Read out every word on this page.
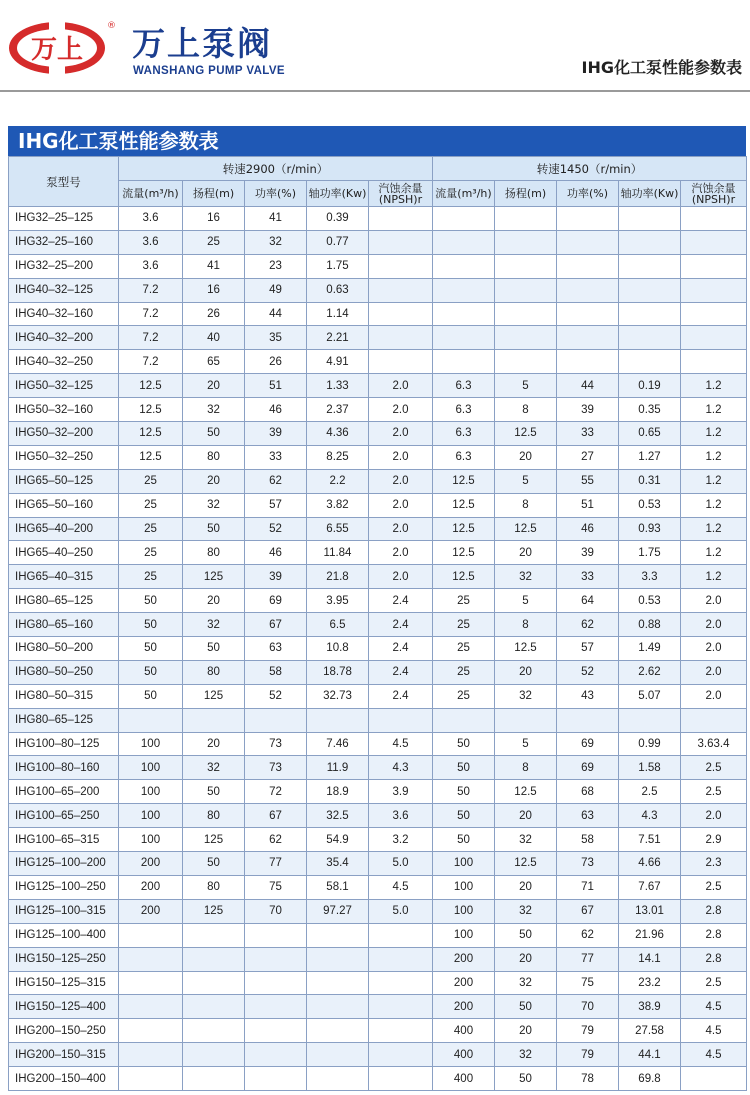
万上
® 万上泵阀
WANSHANG PUMP VALVE	IHG化工泵性能参数表
IHG化工泵性能参数表
泵型号	转速2900（r/min）					转速1450（r/min）				
	流量(m³/h)	扬程(m)	功率(%)	轴功率(Kw)	汽蚀余量(NPSH)r	流量(m³/h)	扬程(m)	功率(%)	轴功率(Kw)	汽蚀余量(NPSH)r
IHG32–25–125	3.6	16	41	0.39						
IHG32–25–160	3.6	25	32	0.77						
IHG32–25–200	3.6	41	23	1.75						
IHG40–32–125	7.2	16	49	0.63						
IHG40–32–160	7.2	26	44	1.14						
IHG40–32–200	7.2	40	35	2.21						
IHG40–32–250	7.2	65	26	4.91						
IHG50–32–125	12.5	20	51	1.33	2.0	6.3	5	44	0.19	1.2
IHG50–32–160	12.5	32	46	2.37	2.0	6.3	8	39	0.35	1.2
IHG50–32–200	12.5	50	39	4.36	2.0	6.3	12.5	33	0.65	1.2
IHG50–32–250	12.5	80	33	8.25	2.0	6.3	20	27	1.27	1.2
IHG65–50–125	25	20	62	2.2	2.0	12.5	5	55	0.31	1.2
IHG65–50–160	25	32	57	3.82	2.0	12.5	8	51	0.53	1.2
IHG65–40–200	25	50	52	6.55	2.0	12.5	12.5	46	0.93	1.2
IHG65–40–250	25	80	46	11.84	2.0	12.5	20	39	1.75	1.2
IHG65–40–315	25	125	39	21.8	2.0	12.5	32	33	3.3	1.2
IHG80–65–125	50	20	69	3.95	2.4	25	5	64	0.53	2.0
IHG80–65–160	50	32	67	6.5	2.4	25	8	62	0.88	2.0
IHG80–50–200	50	50	63	10.8	2.4	25	12.5	57	1.49	2.0
IHG80–50–250	50	80	58	18.78	2.4	25	20	52	2.62	2.0
IHG80–50–315	50	125	52	32.73	2.4	25	32	43	5.07	2.0
IHG80–65–125										
IHG100–80–125	100	20	73	7.46	4.5	50	5	69	0.99	3.63.4
IHG100–80–160	100	32	73	11.9	4.3	50	8	69	1.58	2.5
IHG100–65–200	100	50	72	18.9	3.9	50	12.5	68	2.5	2.5
IHG100–65–250	100	80	67	32.5	3.6	50	20	63	4.3	2.0
IHG100–65–315	100	125	62	54.9	3.2	50	32	58	7.51	2.9
IHG125–100–200	200	50	77	35.4	5.0	100	12.5	73	4.66	2.3
IHG125–100–250	200	80	75	58.1	4.5	100	20	71	7.67	2.5
IHG125–100–315	200	125	70	97.27	5.0	100	32	67	13.01	2.8
IHG125–100–400						100	50	62	21.96	2.8
IHG150–125–250						200	20	77	14.1	2.8
IHG150–125–315						200	32	75	23.2	2.5
IHG150–125–400						200	50	70	38.9	4.5
IHG200–150–250						400	20	79	27.58	4.5
IHG200–150–315						400	32	79	44.1	4.5
IHG200–150–400						400	50	78	69.8	
